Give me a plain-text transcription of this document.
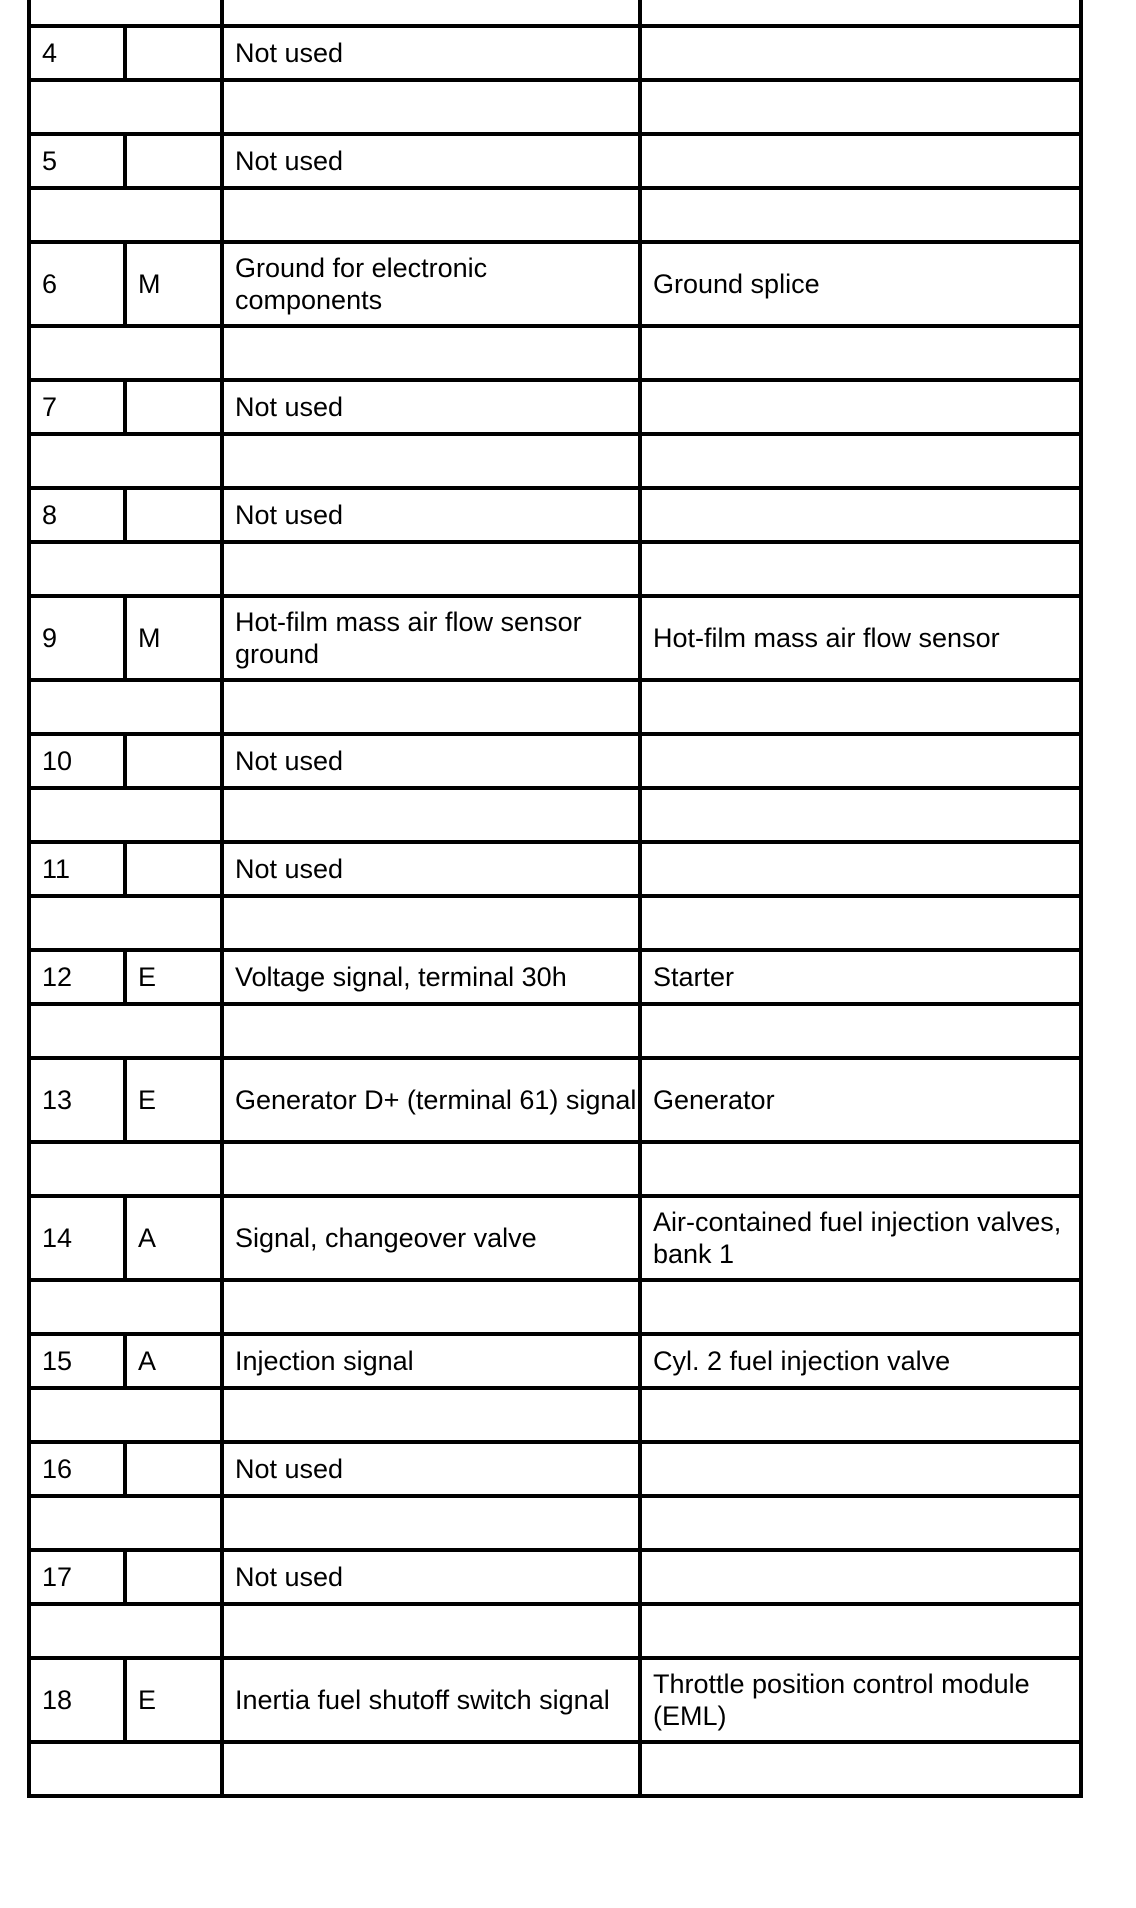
4		Not used	

5		Not used	

6	M	Ground for electronic components	Ground splice

7		Not used	

8		Not used	

9	M	Hot-film mass air flow sensor ground	Hot-film mass air flow sensor

10		Not used	

11		Not used	

12	E	Voltage signal, terminal 30h	Starter

13	E	Generator D+ (terminal 61) signal	Generator

14	A	Signal, changeover valve	Air-contained fuel injection valves, bank 1

15	A	Injection signal	Cyl. 2 fuel injection valve

16		Not used	

17		Not used	

18	E	Inertia fuel shutoff switch signal	Throttle position control module (EML)
